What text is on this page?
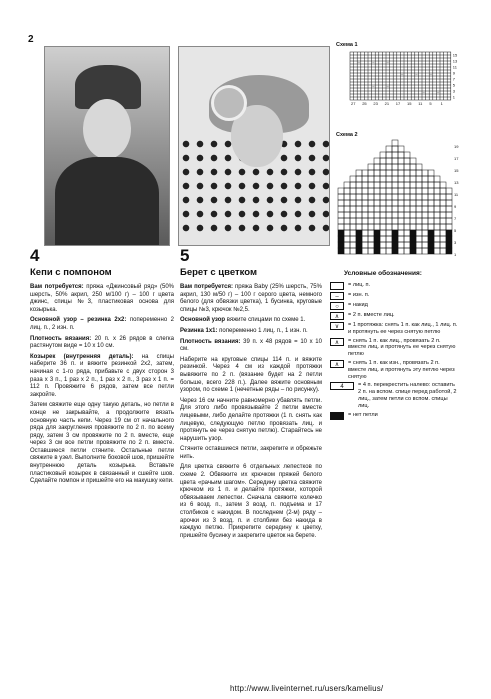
2
4
Кепи с помпоном

Вам потребуется: пряжа «Джинсовый ряд» (50% шерсть, 50% акрил, 250 м/100 г) – 100 г цвета джинс, спицы №3, пластиковая основа для козырька.

Основной узор – резинка 2х2: попеременно 2 лиц. п., 2 изн. п.

Плотность вязания: 20 п. х 26 рядов в слегка растянутом виде = 10 х 10 см.

Козырек (внутренняя деталь): на спицы наберите 36 п. и вяжите резинкой 2х2, затем, начиная с 1-го ряда, прибавьте с двух сторон 3 раза х 3 п., 1 раз х 2 п., 1 раз х 2 п., 3 раз х 1 п. = 112 п. Провяжите 6 рядов, затем все петли закройте.

Затем свяжите еще одну такую деталь, но петли в конце не закрывайте, а продолжите вязать основную часть кепи. Через 19 см от начального ряда для закругления провяжите по 2 п. по всему ряду, затем 3 см провяжите по 2 п. вместе, еще через 3 см все петли провяжите по 2 п. вместе. Оставшиеся петли стяните. Остальные петли свяжите в узел. Выполните боковой шов, пришейте внутреннюю деталь козырька. Вставьте пластиковый козырек в связанный и сшейте шов. Сделайте помпон и пришейте его на макушку кепи.

5
Берет с цветком

Вам потребуется: пряжа Baby (25% шерсть, 75% акрил, 130 м/50 г) – 100 г серого цвета, немного белого (для обвязки цветка), 1 бусинка, круговые спицы №3, крючок №2,5.

Основной узор вяжите спицами по схеме 1.

Резинка 1х1: попеременно 1 лиц. п., 1 изн. п.

Плотность вязания: 39 п. х 48 рядов = 10 х 10 см.

Наберите на круговые спицы 114 п. и вяжите резинкой. Через 4 см из каждой протяжки вывяжите по 2 п. (вязание будет на 2 петли больше, всего 228 п.). Далее вяжите основным узором, по схеме 1 (нечетные ряды – по рисунку).

Через 16 см начните равномерно убавлять петли. Для этого либо провязывайте 2 петли вместе лицевыми, либо делайте протяжки (1 п. снять как лицевую, следующую петлю провязать лиц. и протянуть ее через снятую петлю). Старайтесь не нарушить узор.

Стяните оставшиеся петли, закрепите и обрежьте нить.

Для цветка свяжите 6 отдельных лепестков по схеме 2. Обвяжите их крючком пряжей белого цвета «рачьим шагом». Середину цветка свяжите крючком из 1 п. и делайте протяжки, которой обвязываем лепестки. Сначала свяжите колечко из 6 возд. п., затем 3 возд. п. подъема и 17 столбиков с накидом. В последнем (2-м) ряду – арочки из 3 возд. п. и столбики без накида в каждую петлю. Прикрепите середину к цветку, пришейте бусинку и закрепите цветок на берете.

Схема 1
–	–	–
–	–	–
–	–
–	–
15
13
11
9
7
5
3
1
27 25 23 21 17 15 11 5 1
Схема 2
19
17
15
13
11
9
7
5
3
1
Условные обозначения:
= лиц. п.
–	= изн. п.
○	= накид
∧	= 2 п. вместе лиц.
∨	= 1 протяжка: снять 1 п. как лиц., 1 лиц. п. и протянуть ее через снятую петлю
∧	= снять 1 п. как лиц., провязать 2 п. вместе лиц. и протянуть ее через снятую петлю
∧	= снять 1 п. как изн., провязать 2 п. вместе лиц. и протянуть эту петлю через снятую
4	= 4 п. перекрестить налево: оставить 2 п. на вспом. спице перед работой, 2 лиц., затем петли со вспом. спицы лиц.
= нет петли
http://www.liveinternet.ru/users/kamelius/
